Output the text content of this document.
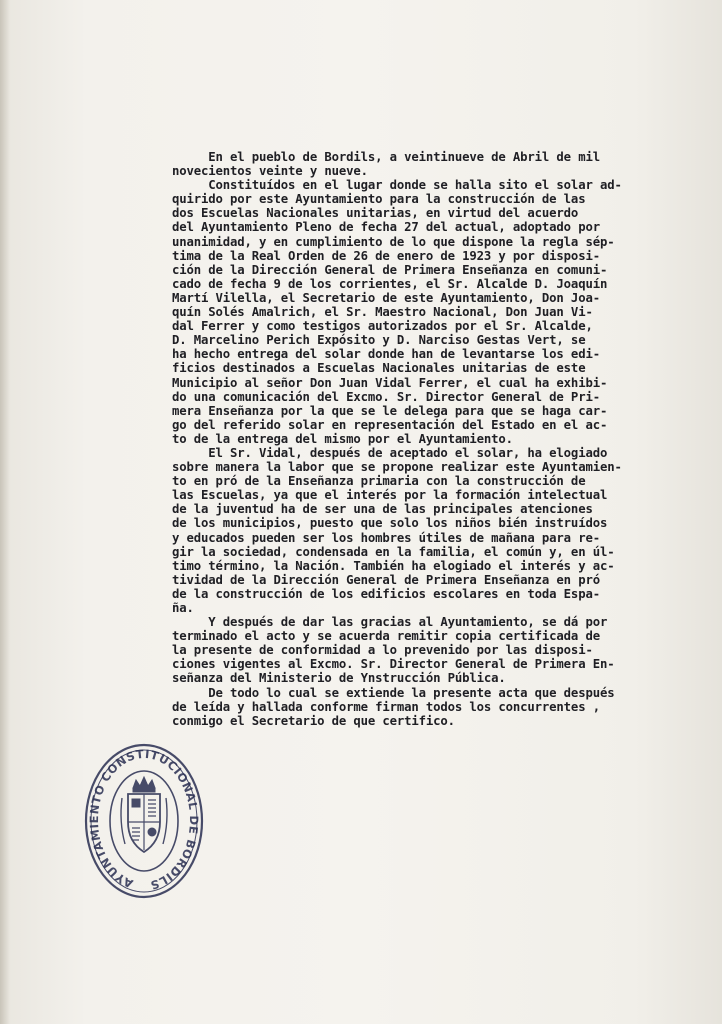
En el pueblo de Bordils, a veintinueve de Abril de mil
novecientos veinte y nueve.
Constituídos en el lugar donde se halla sito el solar ad-
quirido por este Ayuntamiento para la construcción de las
dos Escuelas Nacionales unitarias, en virtud del acuerdo
del Ayuntamiento Pleno de fecha 27 del actual, adoptado por
unanimidad, y en cumplimiento de lo que dispone la regla sép-
tima de la Real Orden de 26 de enero de 1923 y por disposi-
ción de la Dirección General de Primera Enseñanza en comuni-
cado de fecha 9 de los corrientes, el Sr. Alcalde D. Joaquín
Martí Vilella, el Secretario de este Ayuntamiento, Don Joa-
quín Solés Amalrich, el Sr. Maestro Nacional, Don Juan Vi-
dal Ferrer y como testigos autorizados por el Sr. Alcalde,
D. Marcelino Perich Expósito y D. Narciso Gestas Vert, se
ha hecho entrega del solar donde han de levantarse los edi-
ficios destinados a Escuelas Nacionales unitarias de este
Municipio al señor Don Juan Vidal Ferrer, el cual ha exhibi-
do una comunicación del Excmo. Sr. Director General de Pri-
mera Enseñanza por la que se le delega para que se haga car-
go del referido solar en representación del Estado en el ac-
to de la entrega del mismo por el Ayuntamiento.
El Sr. Vidal, después de aceptado el solar, ha elogiado
sobre manera la labor que se propone realizar este Ayuntamien-
to en pró de la Enseñanza primaria con la construcción de
las Escuelas, ya que el interés por la formación intelectual
de la juventud ha de ser una de las principales atenciones
de los municipios, puesto que solo los niños bién instruídos
y educados pueden ser los hombres útiles de mañana para re-
gir la sociedad, condensada en la familia, el común y, en úl-
timo término, la Nación. También ha elogiado el interés y ac-
tividad de la Dirección General de Primera Enseñanza en pró
de la construcción de los edificios escolares en toda Espa-
ña.
Y después de dar las gracias al Ayuntamiento, se dá por
terminado el acto y se acuerda remitir copia certificada de
la presente de conformidad a lo prevenido por las disposi-
ciones vigentes al Excmo. Sr. Director General de Primera En-
señanza del Ministerio de Ynstrucción Pública.
De todo lo cual se extiende la presente acta que después
de leída y hallada conforme firman todos los concurrentes ,
conmigo el Secretario de que certifico.
AYUNTAMIENTO CONSTITUCIONAL DE BORDILS
